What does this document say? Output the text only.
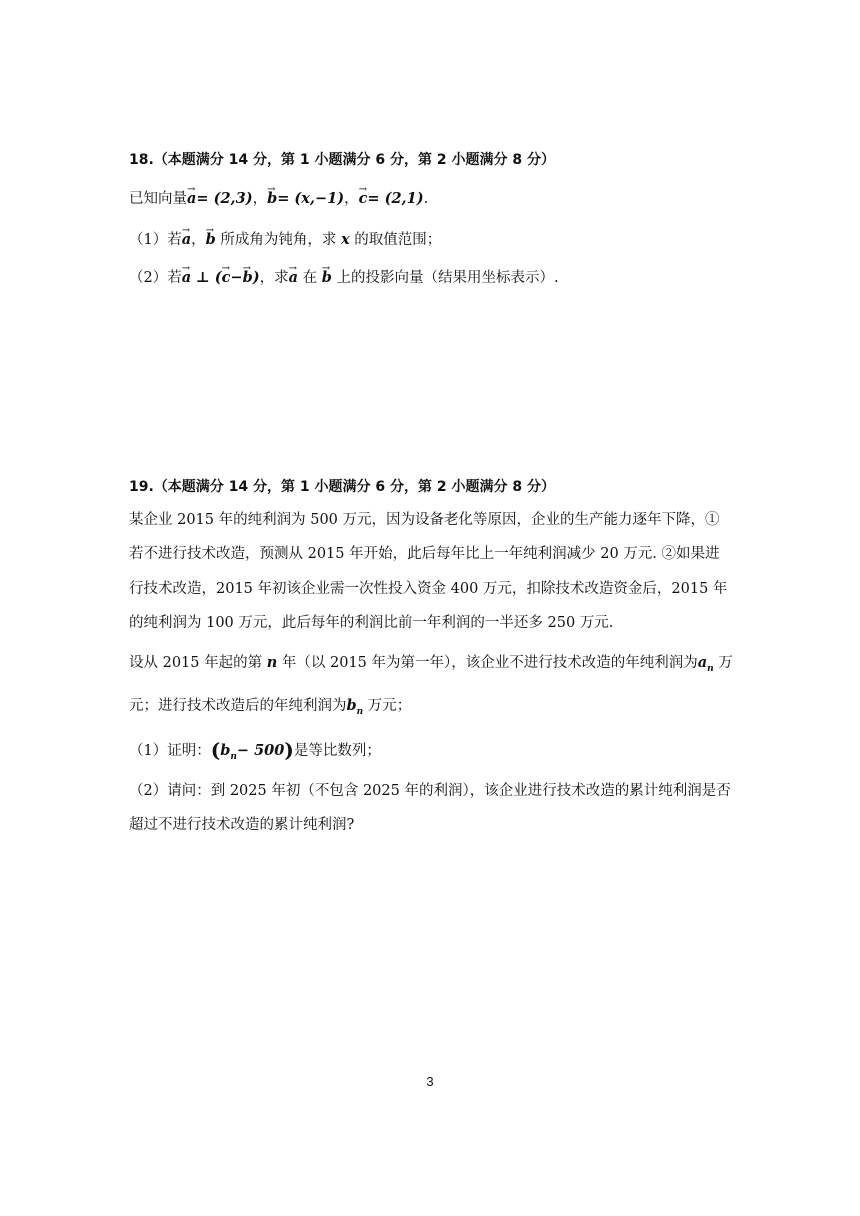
18.（本题满分 14 分，第 1 小题满分 6 分，第 2 小题满分 8 分）
已知向量→ a= (2,3)，→ b= (x,−1)，→ c= (2,1).
（1）若→ a，→ b 所成角为钝角，求 x 的取值范围；
（2）若→ a ⊥ (→ c−→ b)，求→ a 在 → b 上的投影向量（结果用坐标表示）.
19.（本题满分 14 分，第 1 小题满分 6 分，第 2 小题满分 8 分）
某企业 2015 年的纯利润为 500 万元，因为设备老化等原因，企业的生产能力逐年下降，①
若不进行技术改造，预测从 2015 年开始，此后每年比上一年纯利润减少 20 万元. ②如果进
行技术改造，2015 年初该企业需一次性投入资金 400 万元，扣除技术改造资金后，2015 年
的纯利润为 100 万元，此后每年的利润比前一年利润的一半还多 250 万元.
设从 2015 年起的第 n 年（以 2015 年为第一年），该企业不进行技术改造的年纯利润为$a_n$ 万
元；进行技术改造后的年纯利润为$b_n$ 万元；
（1）证明：$(b_n- 500)$是等比数列；
（2）请问：到 2025 年初（不包含 2025 年的利润），该企业进行技术改造的累计纯利润是否
超过不进行技术改造的累计纯利润?
3
